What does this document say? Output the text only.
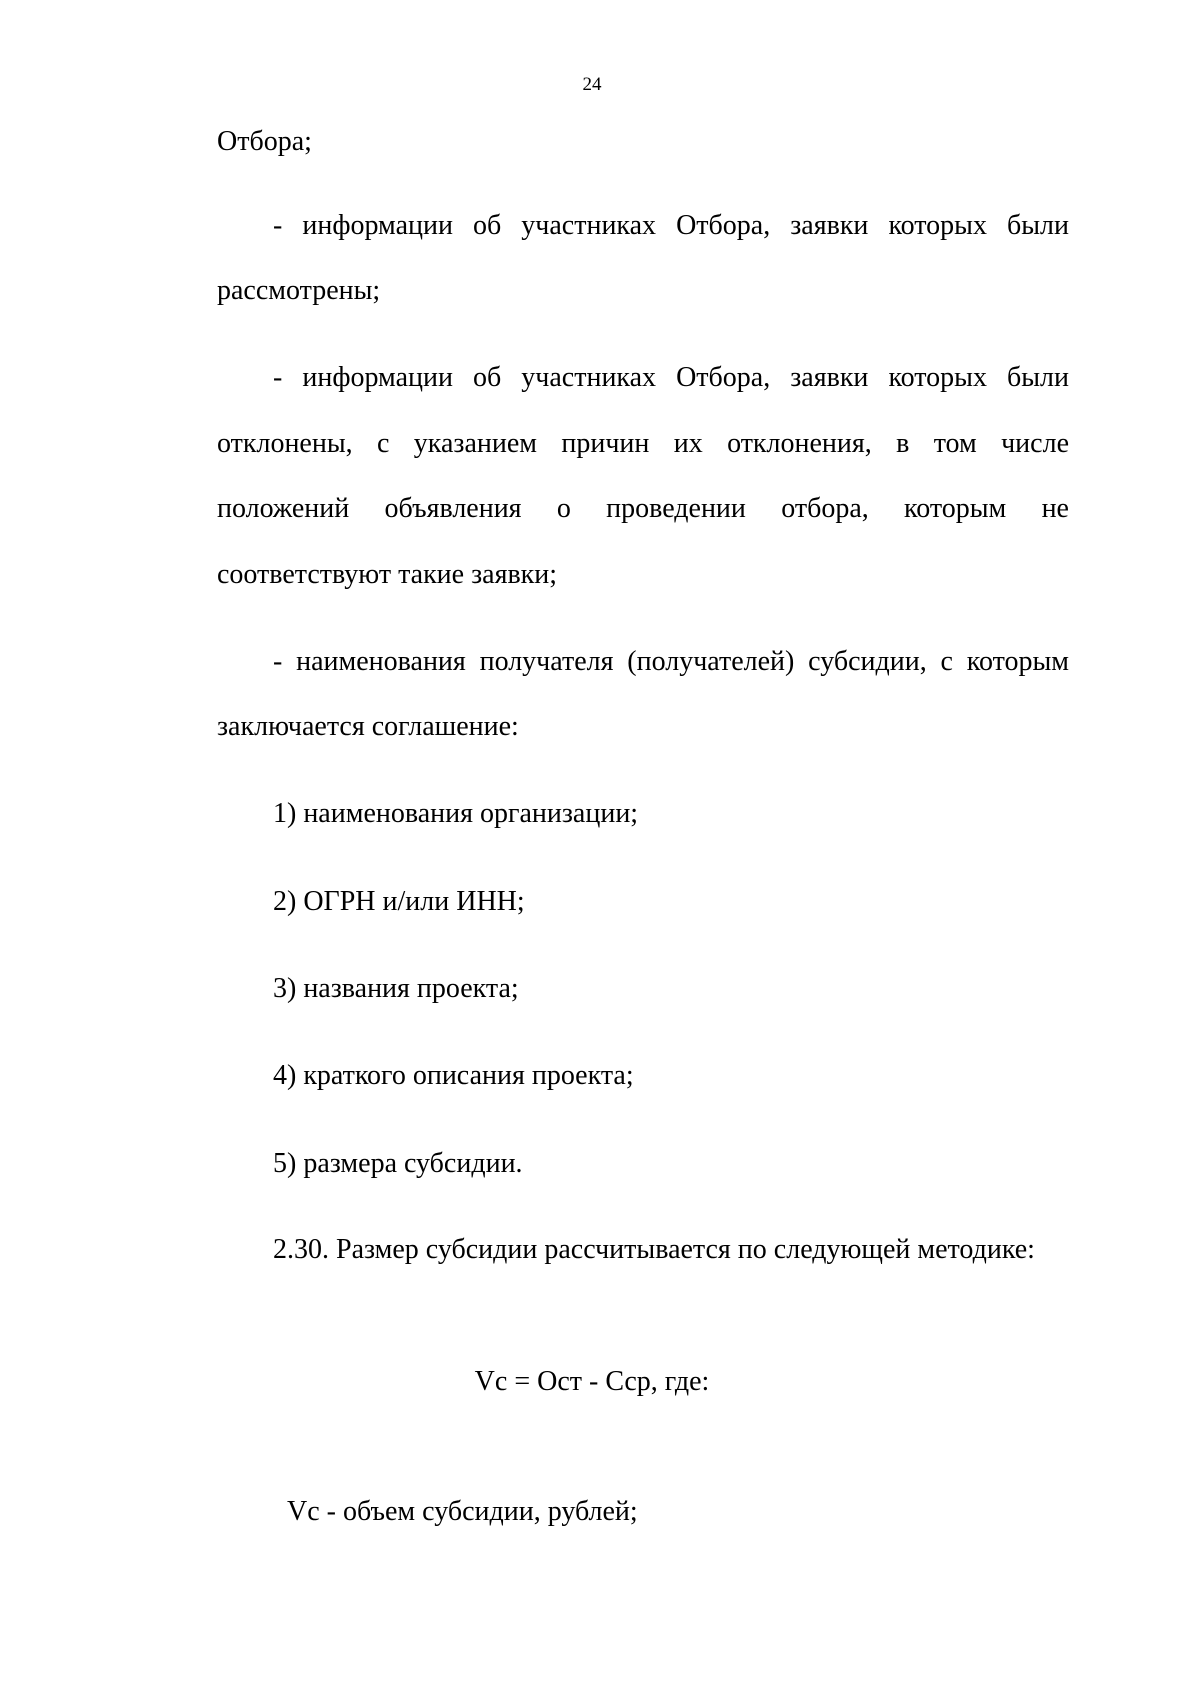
24
Отбора;
- информации об участниках Отбора, заявки которых были
рассмотрены;
- информации об участниках Отбора, заявки которых были
отклонены, с указанием причин их отклонения, в том числе
положений объявления о проведении отбора, которым не
соответствуют такие заявки;
- наименования получателя (получателей) субсидии, с которым
заключается соглашение:
1) наименования организации;
2) ОГРН и/или ИНН;
3) названия проекта;
4) краткого описания проекта;
5) размера субсидии.
2.30. Размер субсидии рассчитывается по следующей методике:
Vc = Ост - Сср, где:
Vc - объем субсидии, рублей;
